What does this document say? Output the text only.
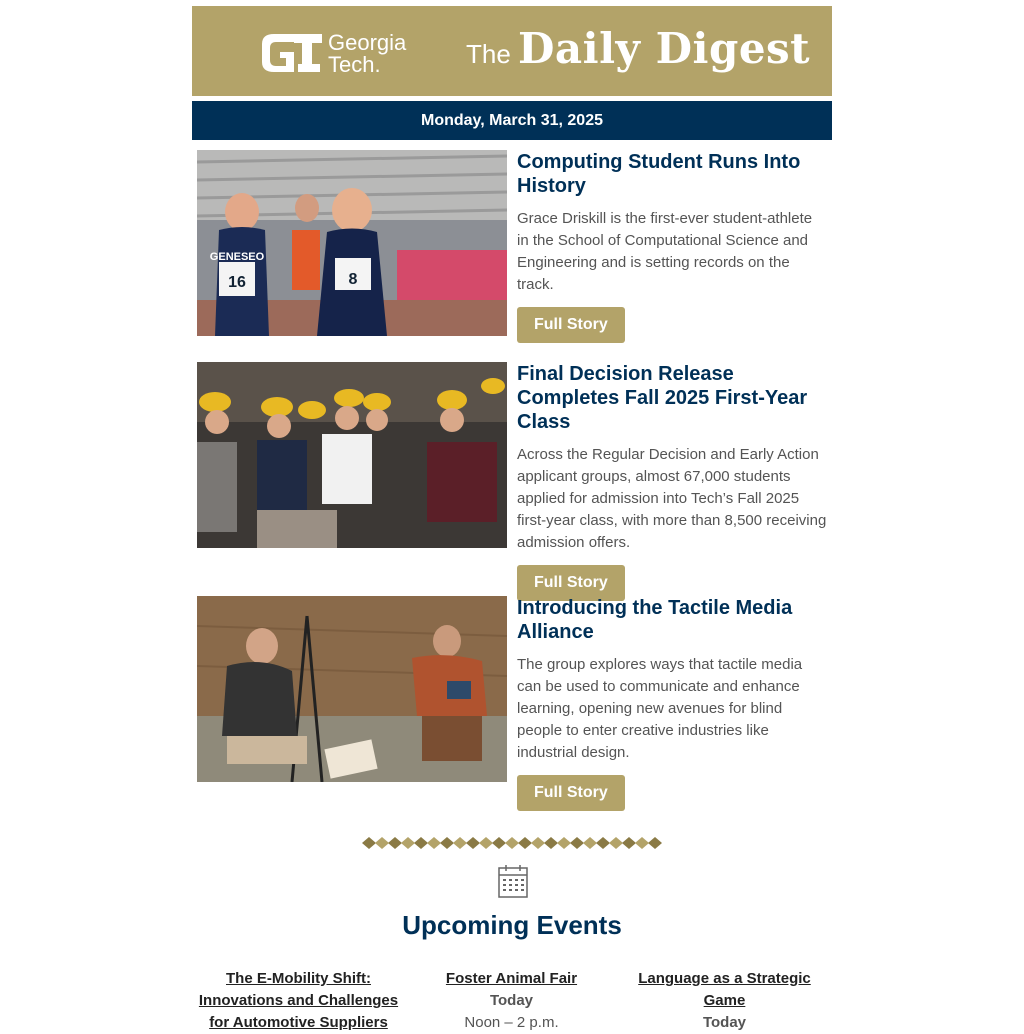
Georgia
Tech.	The Daily Digest
Monday, March 31, 2025
8
GENESEO
16
Computing Student Runs Into History

Grace Driskill is the first-ever student-athlete in the School of Computational Science and Engineering and is setting records on the track.

Full Story
Final Decision Release Completes Fall 2025 First-Year Class

Across the Regular Decision and Early Action applicant groups, almost 67,000 students applied for admission into Tech’s Fall 2025 first-year class, with more than 8,500 receiving admission offers.

Full Story
Introducing the Tactile Media Alliance

The group explores ways that tactile media can be used to communicate and enhance learning, opening new avenues for blind people to enter creative industries like industrial design.

Full Story
Upcoming Events
The E-Mobility Shift: Innovations and Challenges for Automotive Suppliers
Foster Animal Fair
Today
Noon – 2 p.m.
Language as a Strategic Game
Today
